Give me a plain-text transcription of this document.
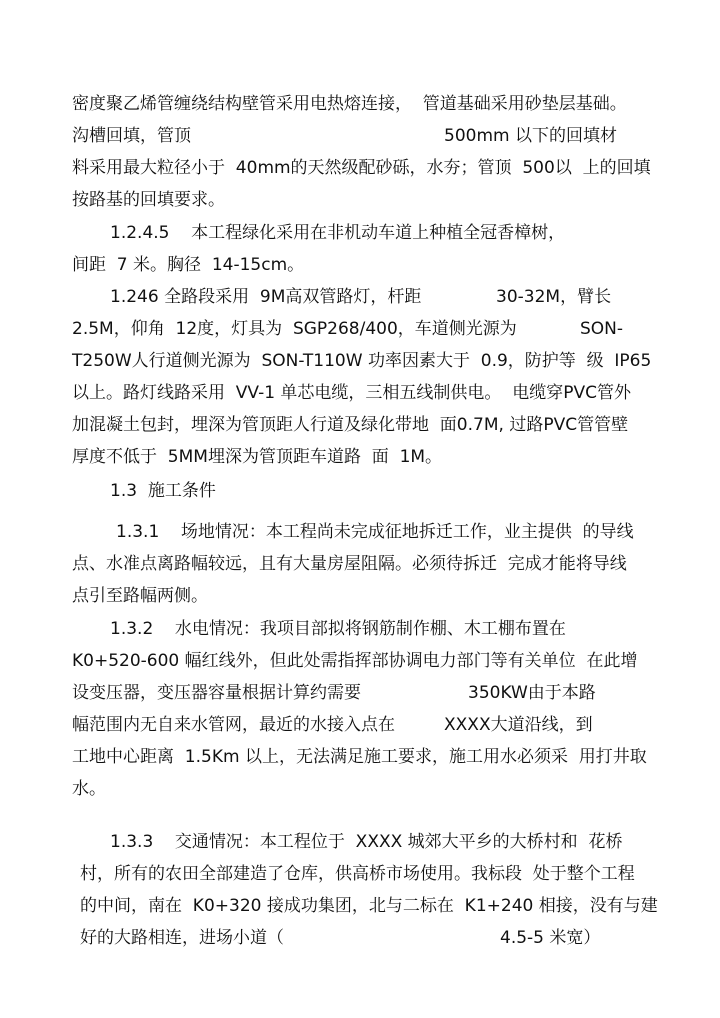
密度聚乙烯管缠绕结构壁管采用电热熔连接，  管道基础采用砂垫层基础。
沟槽回填，管顶	500mm 以下的回填材
料采用最大粒径小于  40mm的天然级配砂砾，水夯；管顶  500以  上的回填
按路基的回填要求。
1.2.4.5    本工程绿化采用在非机动车道上种植全冠香樟树，
间距  7 米。胸径  14-15cm。
1.246 全路段采用  9M高双管路灯，杆距	30-32M，臂长
2.5M，仰角  12度，灯具为  SGP268/400，车道侧光源为	SON-
T250W人行道侧光源为  SON-T110W 功率因素大于  0.9，防护等  级  IP65
以上。路灯线路采用  VV-1 单芯电缆，三相五线制供电。  电缆穿PVC管外
加混凝土包封，埋深为管顶距人行道及绿化带地  面0.7M, 过路PVC管管壁
厚度不低于  5MM埋深为管顶距车道路  面  1M。
1.3  施工条件
1.3.1    场地情况：本工程尚未完成征地拆迁工作，业主提供  的导线
点、水准点离路幅较远，且有大量房屋阻隔。必须待拆迁  完成才能将导线
点引至路幅两侧。
1.3.2    水电情况：我项目部拟将钢筋制作棚、木工棚布置在
K0+520-600 幅红线外，但此处需指挥部协调电力部门等有关单位  在此增
设变压器，变压器容量根据计算约需要	350KW由于本路
幅范围内无自来水管网，最近的水接入点在	XXXX大道沿线，到
工地中心距离  1.5Km 以上，无法满足施工要求，施工用水必须采  用打井取
水。
1.3.3    交通情况：本工程位于  XXXX 城郊大平乡的大桥村和  花桥
村，所有的农田全部建造了仓库，供高桥市场使用。我标段  处于整个工程
的中间，南在  K0+320 接成功集团，北与二标在  K1+240 相接，没有与建
好的大路相连，进场小道（	4.5-5 米宽）
